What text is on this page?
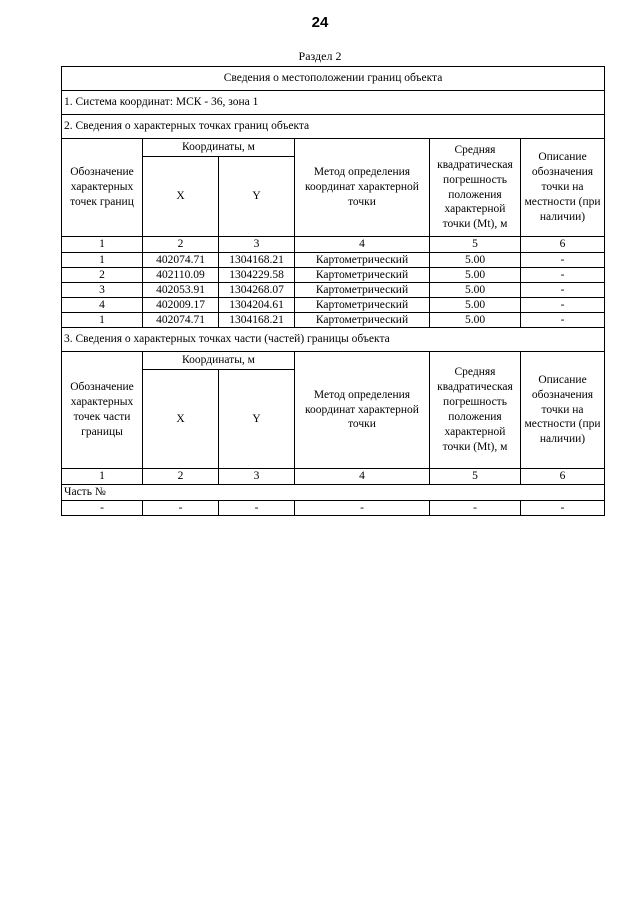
24
Раздел 2
Сведения о местоположении границ объекта					
1. Система координат: МСК - 36, зона 1					
2. Сведения о характерных точках границ объекта					
Обозначение характерных точек границ	Координаты, м		Метод определения координат характерной точки	Средняя квадратическая погрешность положения характерной точки (Mt), м	Описание обозначения точки на местности (при наличии)
	X	Y			
1	2	3	4	5	6
1	402074.71	1304168.21	Картометрический	5.00	-
2	402110.09	1304229.58	Картометрический	5.00	-
3	402053.91	1304268.07	Картометрический	5.00	-
4	402009.17	1304204.61	Картометрический	5.00	-
1	402074.71	1304168.21	Картометрический	5.00	-
3. Сведения о характерных точках части (частей) границы объекта					
Обозначение характерных точек части границы	Координаты, м		Метод определения координат характерной точки	Средняя квадратическая погрешность положения характерной точки (Mt), м	Описание обозначения точки на местности (при наличии)
	X	Y			
1	2	3	4	5	6
Часть №					
-	-	-	-	-	-
